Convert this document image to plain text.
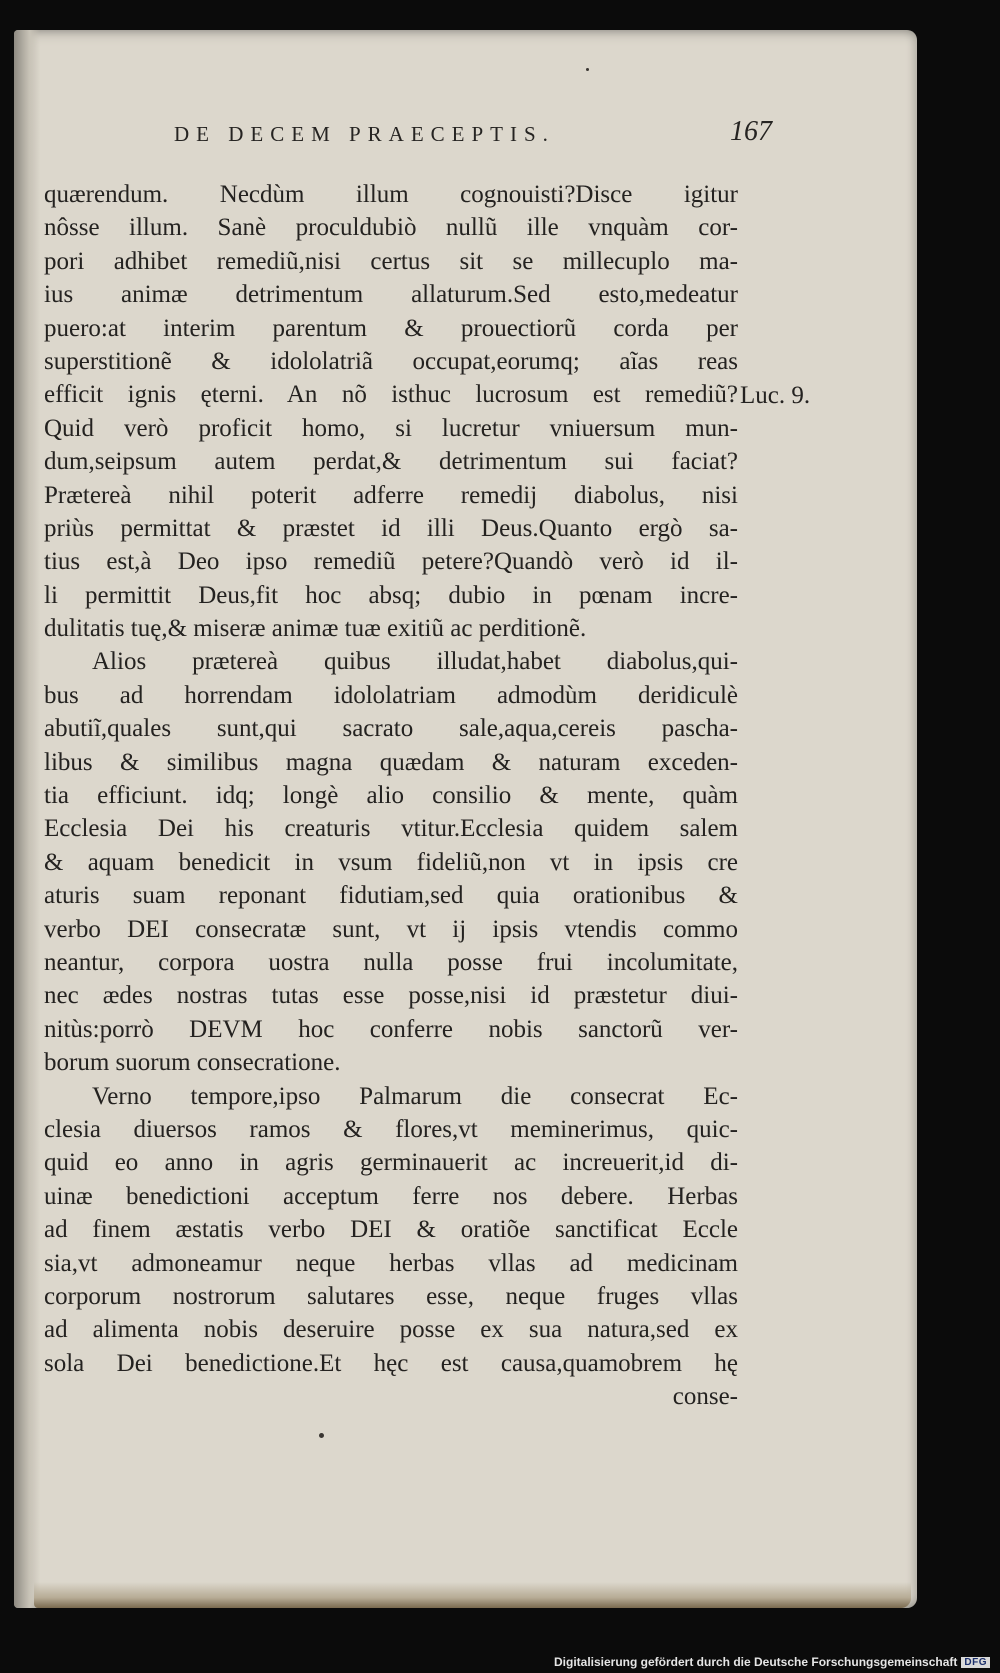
DE DECEM PRAECEPTIS.	167
quærendum. Necdùm illum cognouisti?Disce igitur
nôsse illum. Sanè proculdubiò nullũ ille vnquàm cor-
pori adhibet remediũ,nisi certus sit se millecuplo ma-
ius animæ detrimentum allaturum.Sed esto,medeatur
puero:at interim parentum & prouectiorũ corda per
superstitionẽ & idololatriã occupat,eorumq; aĩas reas
efficit ignis ęterni. An nõ isthuc lucrosum est remediũ?
Quid verò proficit homo, si lucretur vniuersum mun-
dum,seipsum autem perdat,& detrimentum sui faciat?
Prætereà nihil poterit adferre remedij diabolus, nisi
priùs permittat & præstet id illi Deus.Quanto ergò sa-
tius est,à Deo ipso remediũ petere?Quandò verò id il-
li permittit Deus,fit hoc absq; dubio in pœnam incre-
dulitatis tuę,& miseræ animæ tuæ exitiũ ac perditionẽ.
Alios prætereà quibus illudat,habet diabolus,qui-
bus ad horrendam idololatriam admodùm deridiculè
abutiĩ,quales sunt,qui sacrato sale,aqua,cereis pascha-
libus & similibus magna quædam & naturam exceden-
tia efficiunt. idq; longè alio consilio & mente, quàm
Ecclesia Dei his creaturis vtitur.Ecclesia quidem salem
& aquam benedicit in vsum fideliũ,non vt in ipsis cre
aturis suam reponant fidutiam,sed quia orationibus &
verbo DEI consecratæ sunt, vt ij ipsis vtendis commo
neantur, corpora uostra nulla posse frui incolumitate,
nec ædes nostras tutas esse posse,nisi id præstetur diui-
nitùs:porrò DEVM hoc conferre nobis sanctorũ ver-
borum suorum consecratione.
Verno tempore,ipso Palmarum die consecrat Ec-
clesia diuersos ramos & flores,vt meminerimus, quic-
quid eo anno in agris germinauerit ac increuerit,id di-
uinæ benedictioni acceptum ferre nos debere. Herbas
ad finem æstatis verbo DEI & oratiõe sanctificat Eccle
sia,vt admoneamur neque herbas vllas ad medicinam
corporum nostrorum salutares esse, neque fruges vllas
ad alimenta nobis deseruire posse ex sua natura,sed ex
sola Dei benedictione.Et hęc est causa,quamobrem hę
conse-
Luc. 9.
Digitalisierung gefördert durch die Deutsche Forschungsgemeinschaft DFG
